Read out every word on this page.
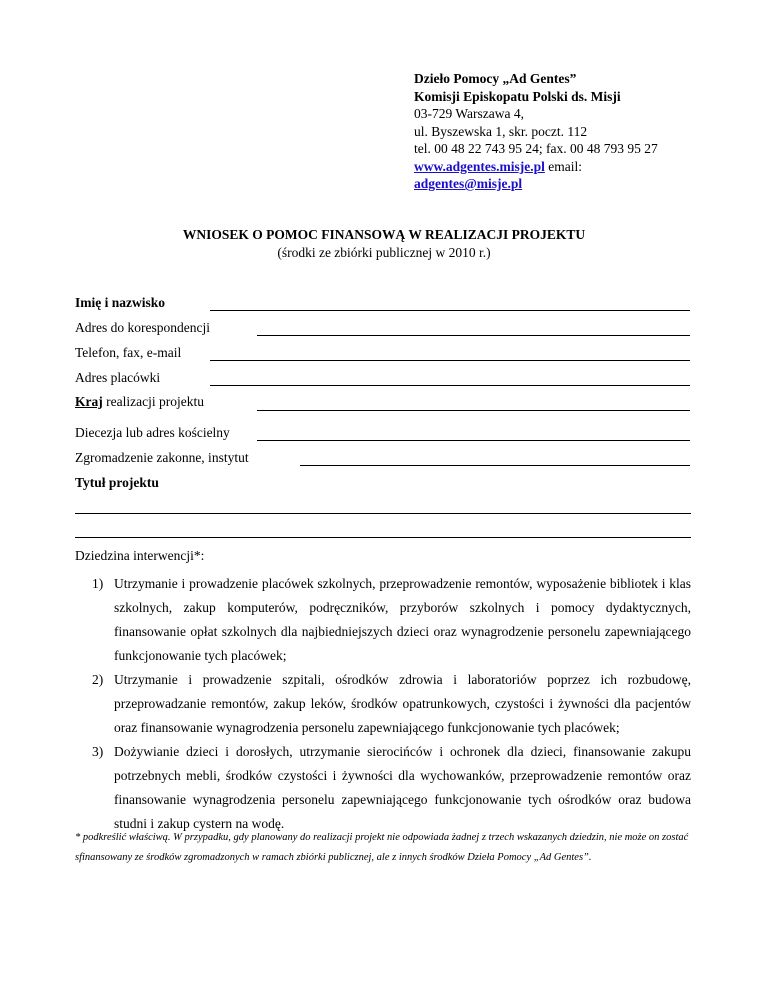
Dzieło Pomocy „Ad Gentes”
Komisji Episkopatu Polski ds. Misji
03-729 Warszawa 4,
ul. Byszewska 1, skr. poczt. 112
tel. 00 48 22 743 95 24; fax. 00 48 793 95 27
www.adgentes.misje.pl email:
adgentes@misje.pl
WNIOSEK O POMOC FINANSOWĄ W REALIZACJI PROJEKTU
(środki ze zbiórki publicznej w 2010 r.)
Imię i nazwisko
Adres do korespondencji
Telefon, fax, e-mail
Adres placówki
Kraj realizacji projektu
Diecezja lub adres kościelny
Zgromadzenie zakonne, instytut
Tytuł projektu
Dziedzina interwencji*:
1) Utrzymanie i prowadzenie placówek szkolnych, przeprowadzenie remontów, wyposażenie bibliotek i klas szkolnych, zakup komputerów, podręczników, przyborów szkolnych i pomocy dydaktycznych, finansowanie opłat szkolnych dla najbiedniejszych dzieci oraz wynagrodzenie personelu zapewniającego funkcjonowanie tych placówek;
2) Utrzymanie i prowadzenie szpitali, ośrodków zdrowia i laboratoriów poprzez ich rozbudowę, przeprowadzanie remontów, zakup leków, środków opatrunkowych, czystości i żywności dla pacjentów oraz finansowanie wynagrodzenia personelu zapewniającego funkcjonowanie tych placówek;
3) Dożywianie dzieci i dorosłych, utrzymanie sierocińców i ochronek dla dzieci, finansowanie zakupu potrzebnych mebli, środków czystości i żywności dla wychowanków, przeprowadzenie remontów oraz finansowanie wynagrodzenia personelu zapewniającego funkcjonowanie tych ośrodków oraz budowa studni i zakup cystern na wodę.
* podkreślić właściwą. W przypadku, gdy planowany do realizacji projekt nie odpowiada żadnej z trzech wskazanych dziedzin, nie może on zostać sfinansowany ze środków zgromadzonych w ramach zbiórki publicznej, ale z innych środków Dzieła Pomocy „Ad Gentes”.
